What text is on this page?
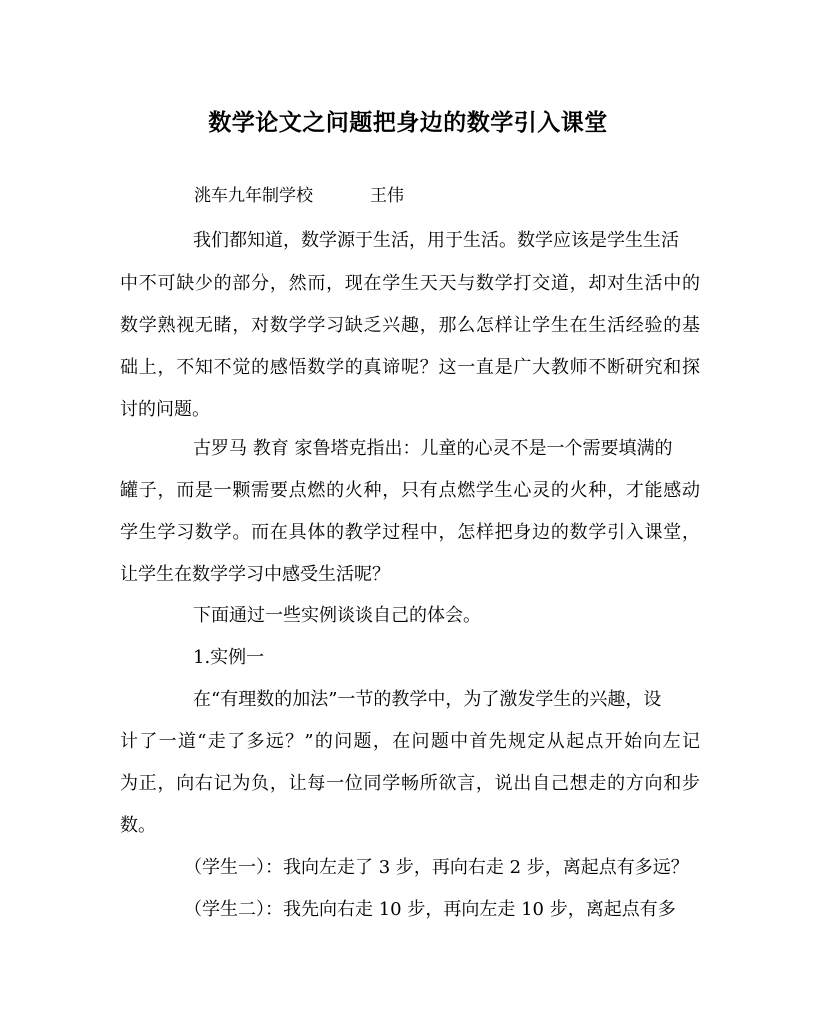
数学论文之问题把身边的数学引入课堂
洮车九年制学校	王伟
我们都知道，数学源于生活，用于生活。数学应该是学生生活
中不可缺少的部分，然而，现在学生天天与数学打交道，却对生活中的
数学熟视无睹，对数学学习缺乏兴趣，那么怎样让学生在生活经验的基
础上，不知不觉的感悟数学的真谛呢？这一直是广大教师不断研究和探
讨的问题。
古罗马 教育 家鲁塔克指出：儿童的心灵不是一个需要填满的
罐子，而是一颗需要点燃的火种，只有点燃学生心灵的火种，才能感动
学生学习数学。而在具体的教学过程中，怎样把身边的数学引入课堂，
让学生在数学学习中感受生活呢？
下面通过一些实例谈谈自己的体会。
1.实例一
在“有理数的加法”一节的教学中，为了激发学生的兴趣，设
计了一道“走了多远？”的问题，在问题中首先规定从起点开始向左记
为正，向右记为负，让每一位同学畅所欲言，说出自己想走的方向和步
数。
（学生一）：我向左走了 3 步，再向右走 2 步，离起点有多远？
（学生二）：我先向右走 10 步，再向左走 10 步，离起点有多
